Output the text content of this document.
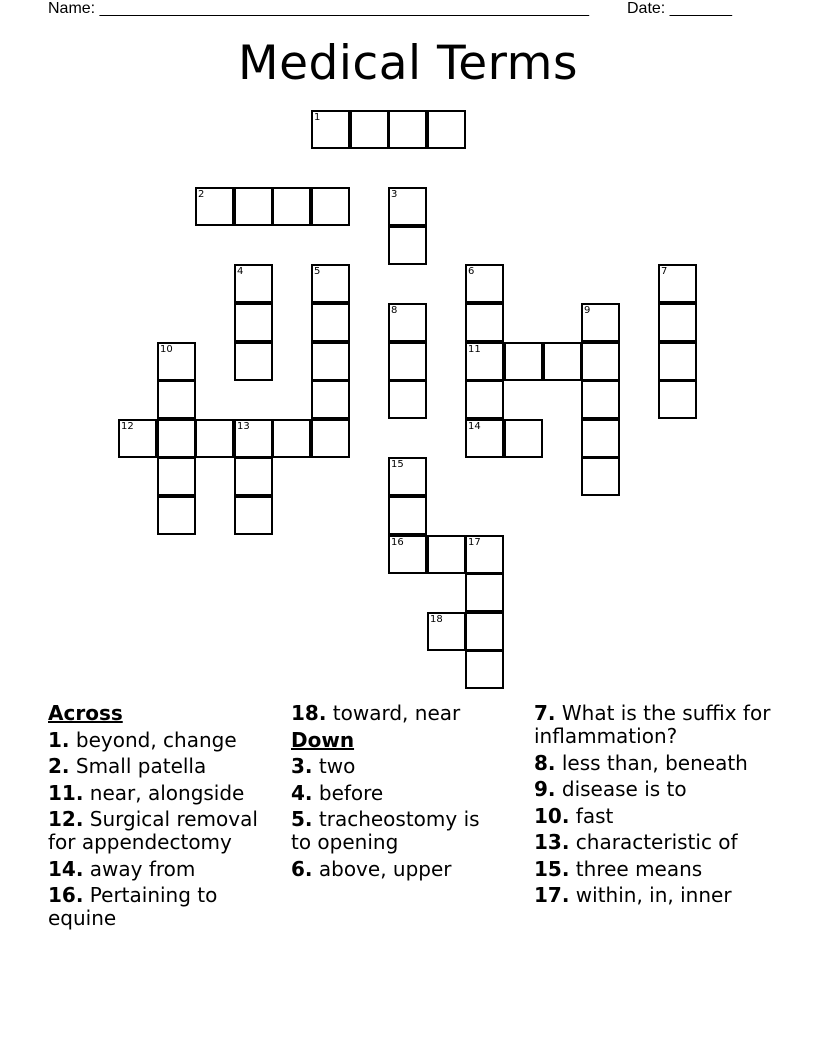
Name: _______________________________________________________ Date: _______
Medical Terms
1
2	3
4	5	6	7
8	9
10	11
12	13	14
15
16	17
18
Across
1. beyond, change
2. Small patella
11. near, alongside
12. Surgical removal for appendectomy
14. away from
16. Pertaining to equine
18. toward, near
Down
3. two
4. before
5. tracheostomy is to opening
6. above, upper
7. What is the suffix for inflammation?
8. less than, beneath
9. disease is to
10. fast
13. characteristic of
15. three means
17. within, in, inner
